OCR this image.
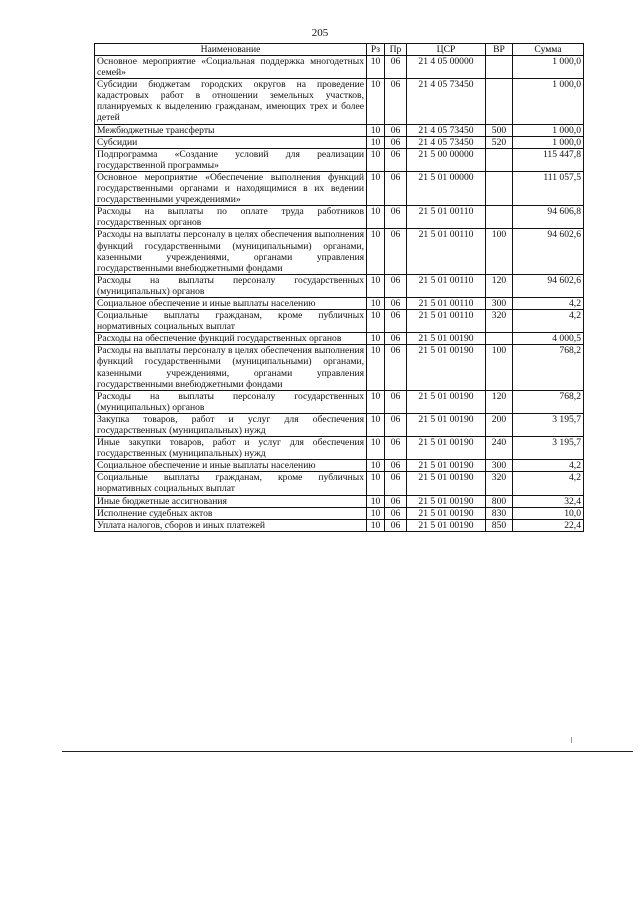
205
Наименование	Рз	Пр	ЦСР	ВР	Сумма
Основное мероприятие «Социальная поддержка многодетных семей»	10	06	21 4 05 00000		1 000,0
Субсидии бюджетам городских округов на проведение кадастровых работ в отношении земельных участков, планируемых к выделению гражданам, имеющих трех и более детей	10	06	21 4 05 73450		1 000,0
Межбюджетные трансферты	10	06	21 4 05 73450	500	1 000,0
Субсидии	10	06	21 4 05 73450	520	1 000,0
Подпрограмма «Создание условий для реализации государственной программы»	10	06	21 5 00 00000		115 447,8
Основное мероприятие «Обеспечение выполнения функций государственными органами и находящимися в их ведении государственными учреждениями»	10	06	21 5 01 00000		111 057,5
Расходы на выплаты по оплате труда работников государственных органов	10	06	21 5 01 00110		94 606,8
Расходы на выплаты персоналу в целях обеспечения выполнения функций государственными (муниципальными) органами, казенными учреждениями, органами управления государственными внебюджетными фондами	10	06	21 5 01 00110	100	94 602,6
Расходы на выплаты персоналу государственных (муниципальных) органов	10	06	21 5 01 00110	120	94 602,6
Социальное обеспечение и иные выплаты населению	10	06	21 5 01 00110	300	4,2
Социальные выплаты гражданам, кроме публичных нормативных социальных выплат	10	06	21 5 01 00110	320	4,2
Расходы на обеспечение функций государственных органов	10	06	21 5 01 00190		4 000,5
Расходы на выплаты персоналу в целях обеспечения выполнения функций государственными (муниципальными) органами, казенными учреждениями, органами управления государственными внебюджетными фондами	10	06	21 5 01 00190	100	768,2
Расходы на выплаты персоналу государственных (муниципальных) органов	10	06	21 5 01 00190	120	768,2
Закупка товаров, работ и услуг для обеспечения государственных (муниципальных) нужд	10	06	21 5 01 00190	200	3 195,7
Иные закупки товаров, работ и услуг для обеспечения государственных (муниципальных) нужд	10	06	21 5 01 00190	240	3 195,7
Социальное обеспечение и иные выплаты населению	10	06	21 5 01 00190	300	4,2
Социальные выплаты гражданам, кроме публичных нормативных социальных выплат	10	06	21 5 01 00190	320	4,2
Иные бюджетные ассигнования	10	06	21 5 01 00190	800	32,4
Исполнение судебных актов	10	06	21 5 01 00190	830	10,0
Уплата налогов, сборов и иных платежей	10	06	21 5 01 00190	850	22,4
